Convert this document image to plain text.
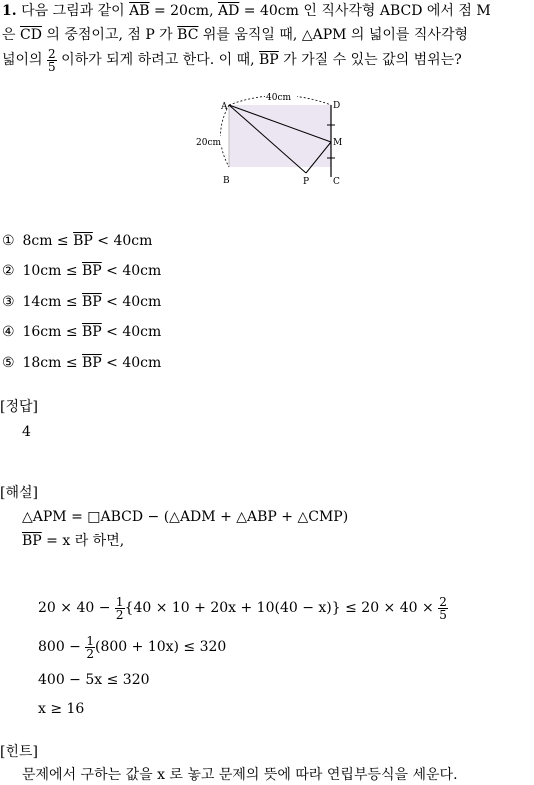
1. 다음 그림과 같이 $\overline{AB} = 20cm$, $\overline{AD} = 40cm$ 인 직사각형 ABCD 에서 점 M
은 $\overline{CD}$ 의 중점이고, 점 P 가 $\overline{BC}$ 위를 움직일 때, △APM 의 넓이를 직사각형
넓이의 $\frac{2}{5}$ 이하가 되게 하려고 한다. 이 때, $\overline{BP}$ 가 가질 수 있는 값의 범위는?
40cm
20cm
A	D
M
B	P	C
① $8cm \le \overline{BP} < 40cm$
② $10cm \le \overline{BP} < 40cm$
③ $14cm \le \overline{BP} < 40cm$
④ $16cm \le \overline{BP} < 40cm$
⑤ $18cm \le \overline{BP} < 40cm$
[정답]
4
[해설]
△APM = □ABCD − (△ADM + △ABP + △CMP)
$\overline{BP} = x$ 라 하면,
$20 \times 40 - \frac{1}{2} \{40 \times 10 + 20x + 10(40 - x)\} \le 20 \times 40 \times \frac{2}{5}$
$800 - \frac{1}{2} (800 + 10x) \le 320$
400 − 5x ≤ 320
x ≥ 16
[힌트]
문제에서 구하는 값을 x 로 놓고 문제의 뜻에 따라 연립부등식을 세운다.
